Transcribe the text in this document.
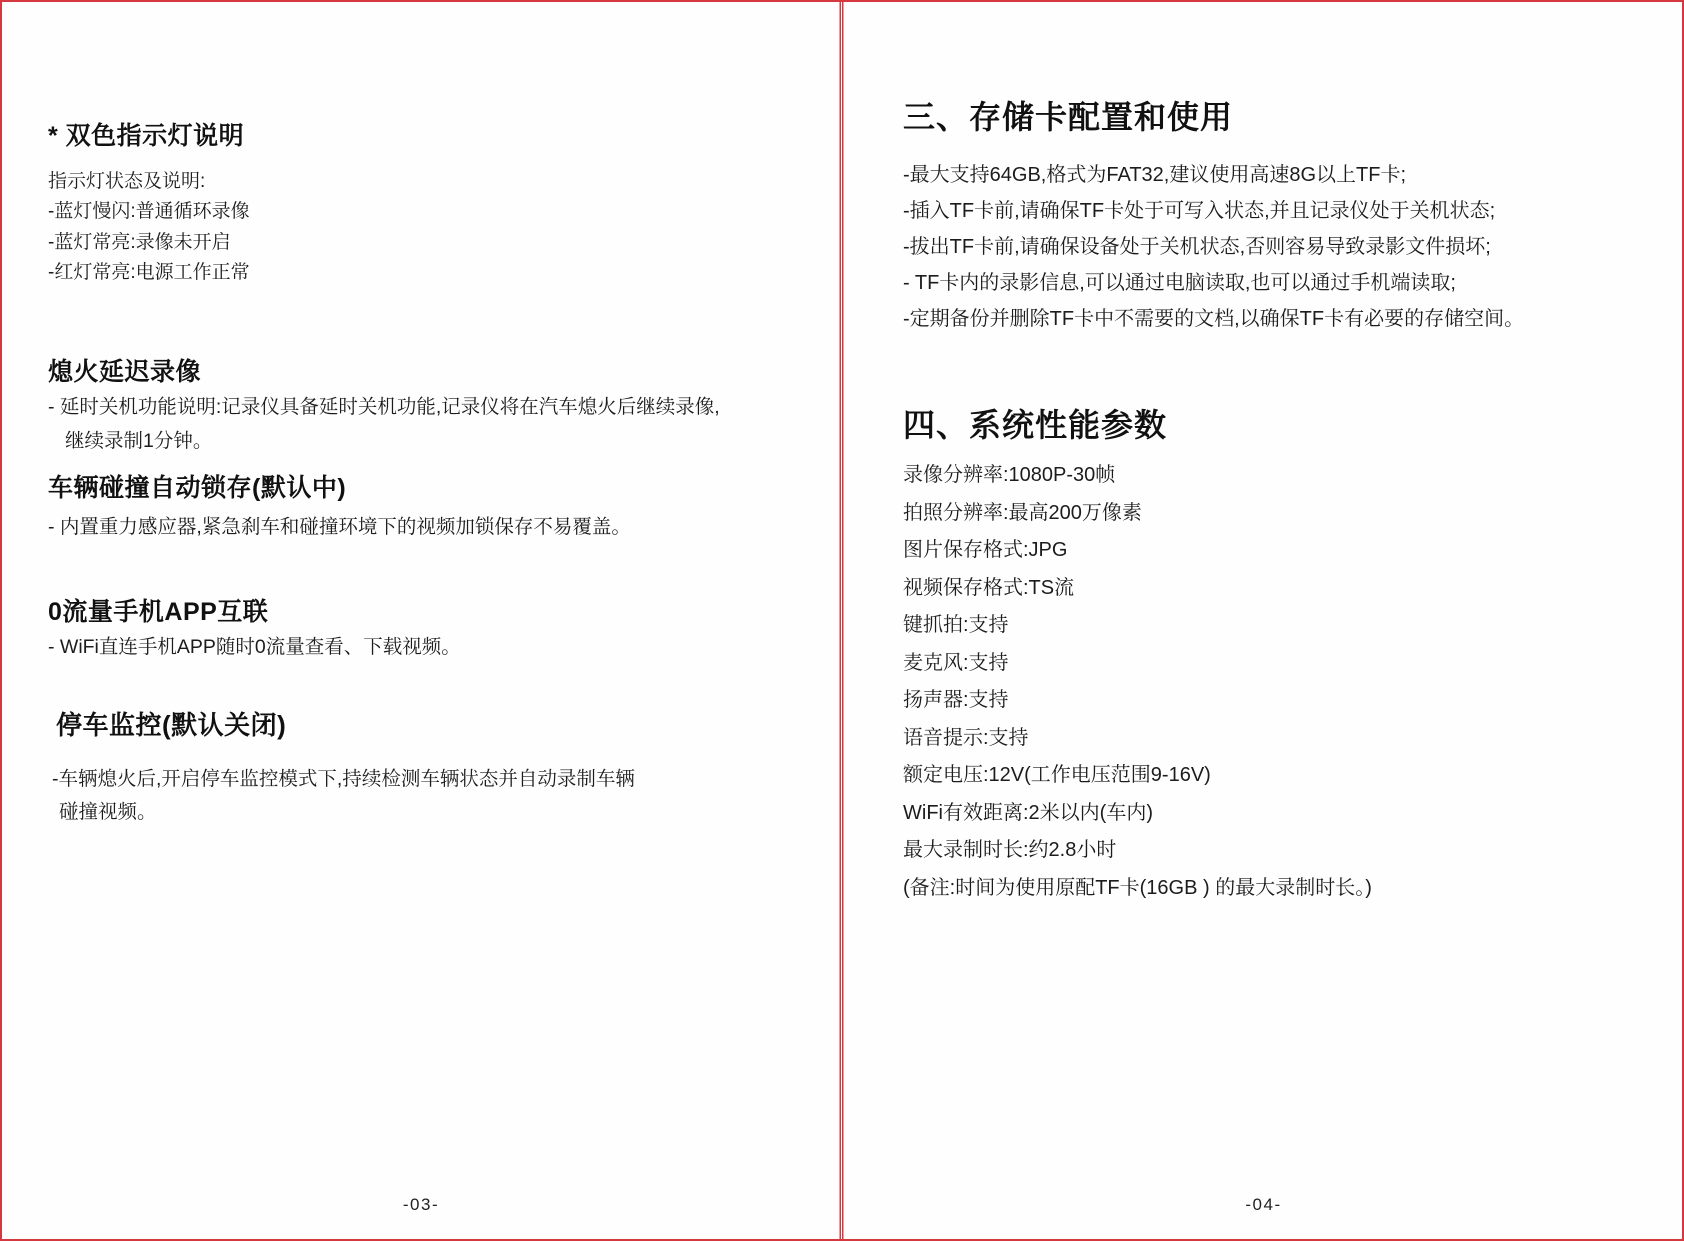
* 双色指示灯说明
指示灯状态及说明:
-蓝灯慢闪:普通循环录像
-蓝灯常亮:录像未开启
-红灯常亮:电源工作正常
熄火延迟录像
- 延时关机功能说明:记录仪具备延时关机功能,记录仪将在汽车熄火后继续录像,
继续录制1分钟。
车辆碰撞自动锁存(默认中)
- 内置重力感应器,紧急刹车和碰撞环境下的视频加锁保存不易覆盖。
0流量手机APP互联
- WiFi直连手机APP随时0流量查看、下载视频。
停车监控(默认关闭)
-车辆熄火后,开启停车监控模式下,持续检测车辆状态并自动录制车辆
碰撞视频。
-03-
三、存储卡配置和使用
-最大支持64GB,格式为FAT32,建议使用高速8G以上TF卡;
-插入TF卡前,请确保TF卡处于可写入状态,并且记录仪处于关机状态;
-拔出TF卡前,请确保设备处于关机状态,否则容易导致录影文件损坏;
- TF卡内的录影信息,可以通过电脑读取,也可以通过手机端读取;
-定期备份并删除TF卡中不需要的文档,以确保TF卡有必要的存储空间。
四、系统性能参数
录像分辨率:1080P-30帧
拍照分辨率:最高200万像素
图片保存格式:JPG
视频保存格式:TS流
键抓拍:支持
麦克风:支持
扬声器:支持
语音提示:支持
额定电压:12V(工作电压范围9-16V)
WiFi有效距离:2米以内(车内)
最大录制时长:约2.8小时
(备注:时间为使用原配TF卡(16GB ) 的最大录制时长。)
-04-
